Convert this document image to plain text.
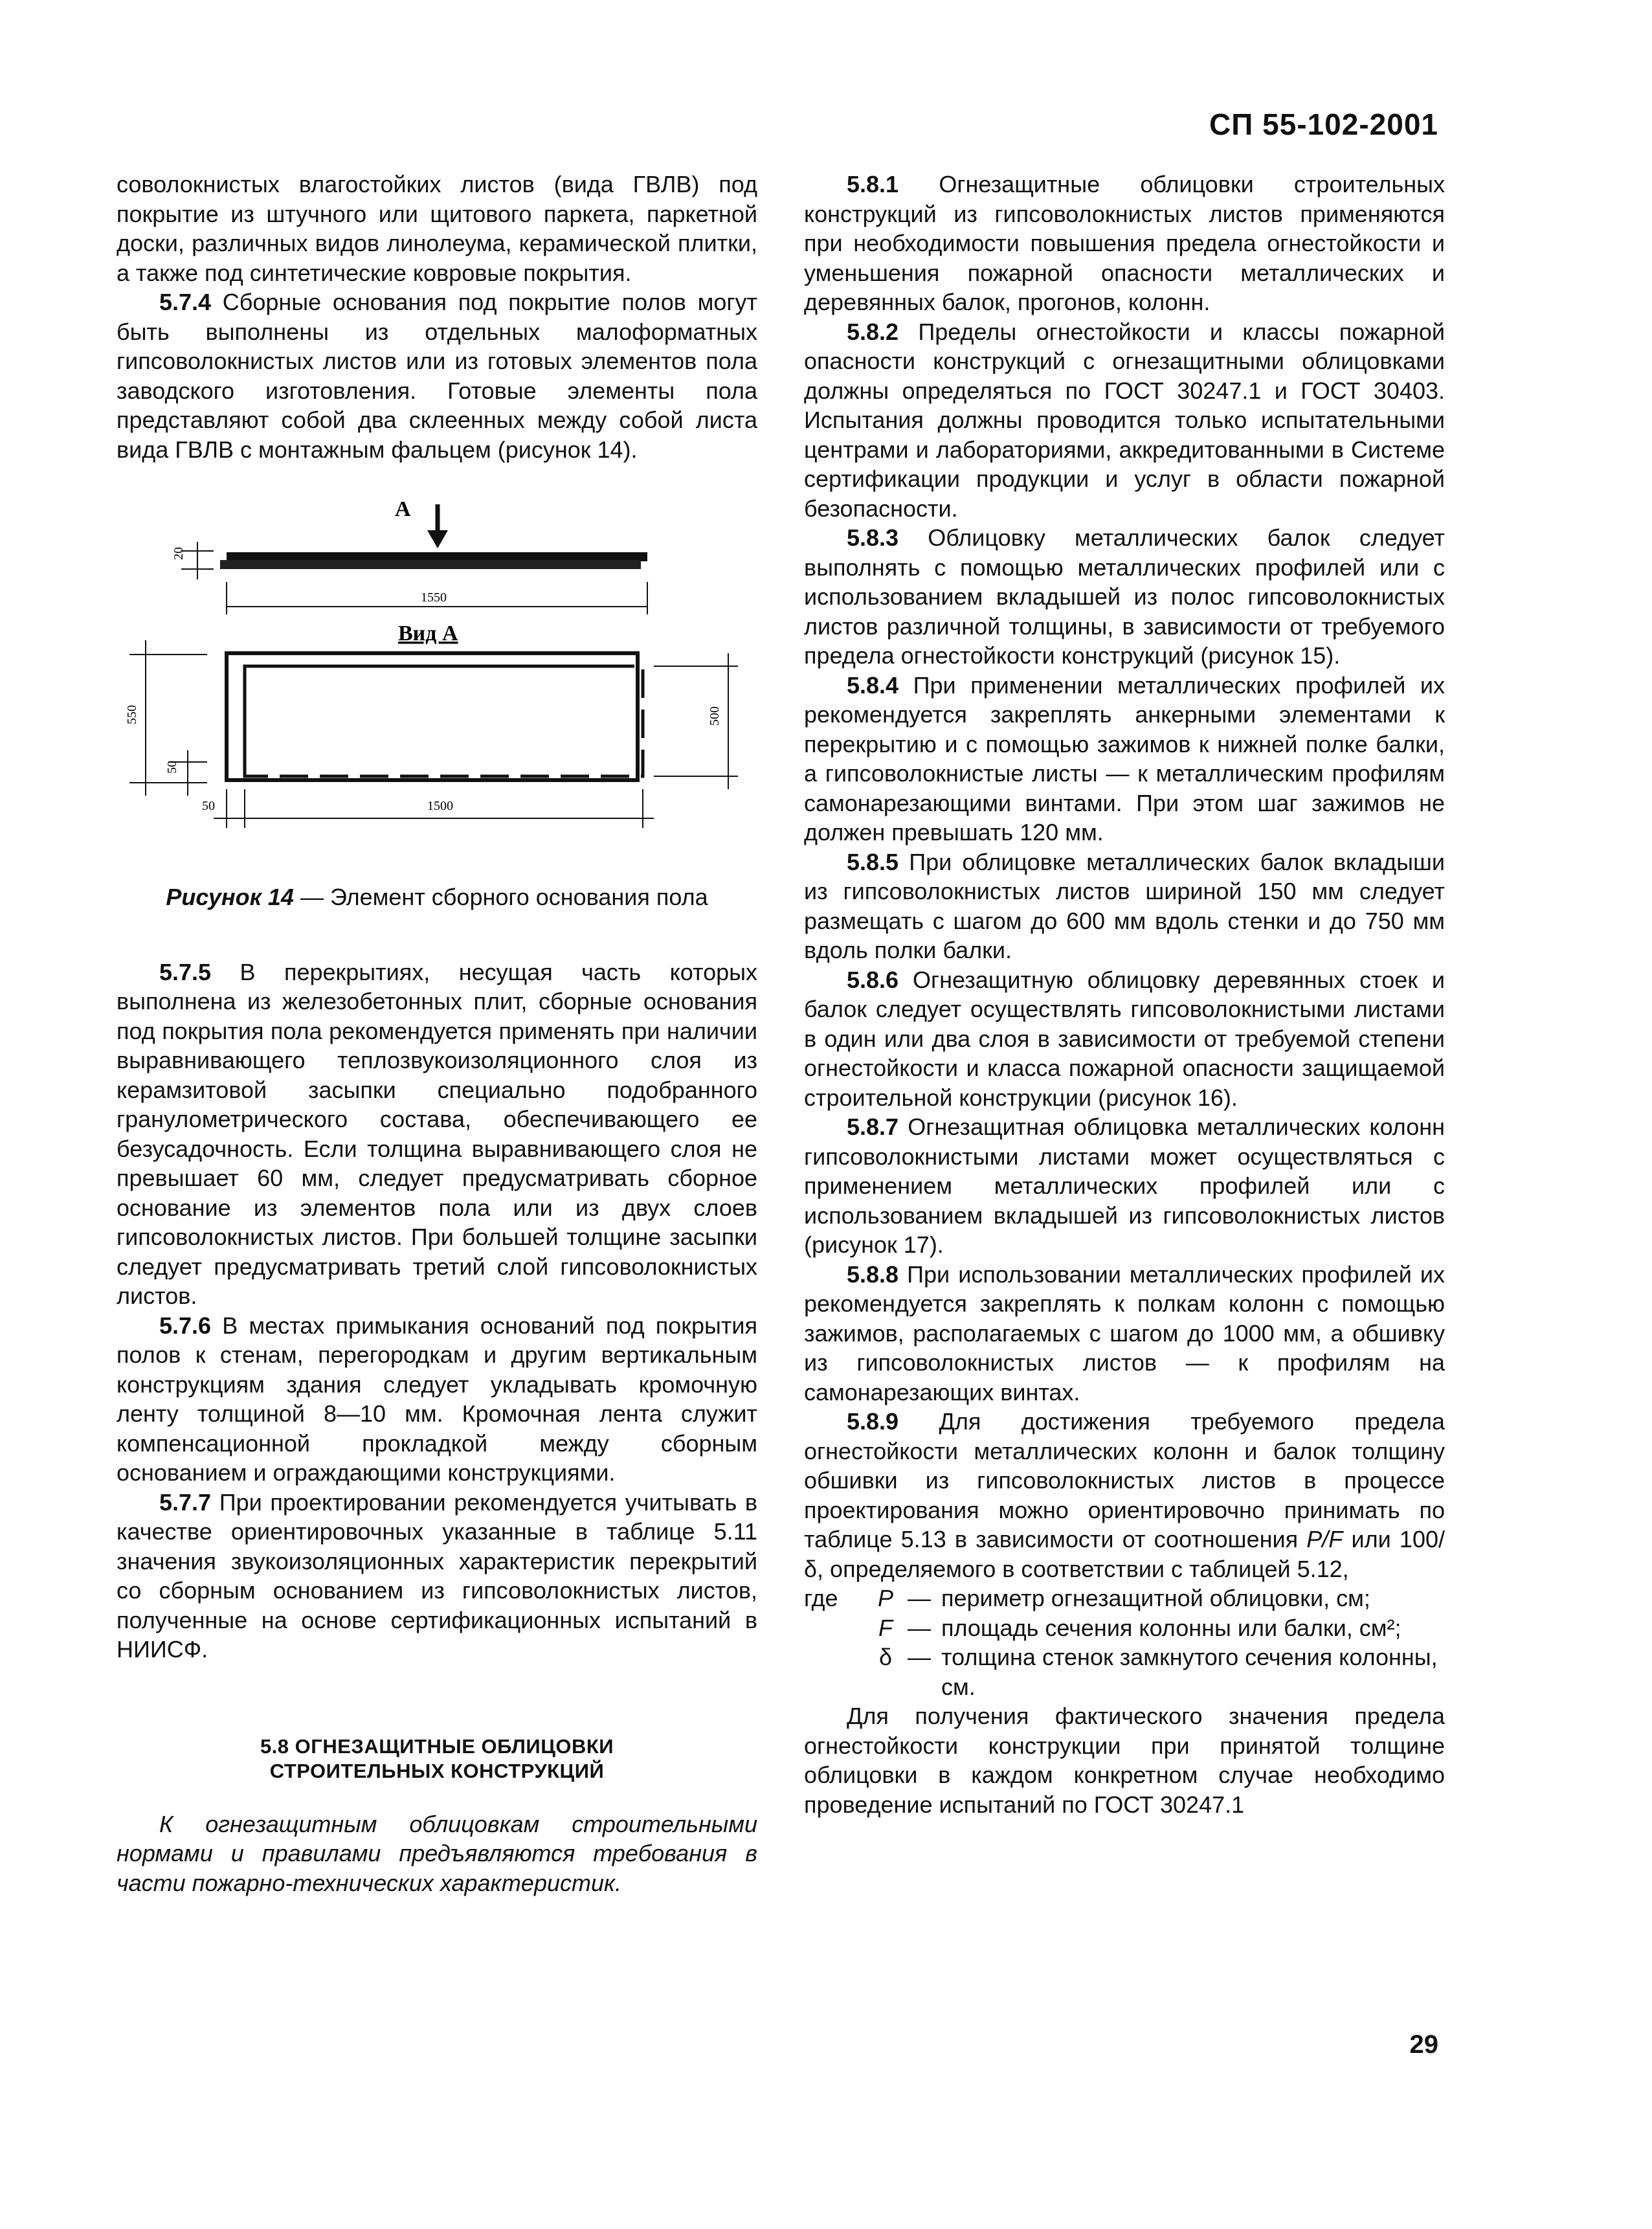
СП 55-102-2001

соволокнистых влагостойких листов (вида ГВЛВ) под покрытие из штучного или щитового паркета, паркетной доски, различных видов линолеума, керамической плитки, а также под синтетические ковровые покрытия.

5.7.4 Сборные основания под покрытие полов могут быть выполнены из отдельных малоформатных гипсоволокнистых листов или из готовых элементов пола заводского изготовления. Готовые элементы пола представляют собой два склеенных между собой листа вида ГВЛВ с монтажным фальцем (рисунок 14).

А
20
1550
Вид А
550
50
500
50	1500

Рисунок 14 — Элемент сборного основания пола

5.7.5 В перекрытиях, несущая часть которых выполнена из железобетонных плит, сборные основания под покрытия пола рекомендуется применять при наличии выравнивающего теплозвукоизоляционного слоя из керамзитовой засыпки специально подобранного гранулометрического состава, обеспечивающего ее безусадочность. Если толщина выравнивающего слоя не превышает 60 мм, следует предусматривать сборное основание из элементов пола или из двух слоев гипсоволокнистых листов. При большей толщине засыпки следует предусматривать третий слой гипсоволокнистых листов.

5.7.6 В местах примыкания оснований под покрытия полов к стенам, перегородкам и другим вертикальным конструкциям здания следует укладывать кромочную ленту толщиной 8—10 мм. Кромочная лента служит компенсационной прокладкой между сборным основанием и ограждающими конструкциями.

5.7.7 При проектировании рекомендуется учитывать в качестве ориентировочных указанные в таблице 5.11 значения звукоизоляционных характеристик перекрытий со сборным основанием из гипсоволокнистых листов, полученные на основе сертификационных испытаний в НИИСФ.

5.8 ОГНЕЗАЩИТНЫЕ ОБЛИЦОВКИ
СТРОИТЕЛЬНЫХ КОНСТРУКЦИЙ

К огнезащитным облицовкам строительными нормами и правилами предъявляются требования в части пожарно-технических характеристик.

5.8.1 Огнезащитные облицовки строительных конструкций из гипсоволокнистых листов применяются при необходимости повышения предела огнестойкости и уменьшения пожарной опасности металлических и деревянных балок, прогонов, колонн.

5.8.2 Пределы огнестойкости и классы пожарной опасности конструкций с огнезащитными облицовками должны определяться по ГОСТ 30247.1 и ГОСТ 30403. Испытания должны проводится только испытательными центрами и лабораториями, аккредитованными в Системе сертификации продукции и услуг в области пожарной безопасности.

5.8.3 Облицовку металлических балок следует выполнять с помощью металлических профилей или с использованием вкладышей из полос гипсоволокнистых листов различной толщины, в зависимости от требуемого предела огнестойкости конструкций (рисунок 15).

5.8.4 При применении металлических профилей их рекомендуется закреплять анкерными элементами к перекрытию и с помощью зажимов к нижней полке балки, а гипсоволокнистые листы — к металлическим профилям самонарезающими винтами. При этом шаг зажимов не должен превышать 120 мм.

5.8.5 При облицовке металлических балок вкладыши из гипсоволокнистых листов шириной 150 мм следует размещать с шагом до 600 мм вдоль стенки и до 750 мм вдоль полки балки.

5.8.6 Огнезащитную облицовку деревянных стоек и балок следует осуществлять гипсоволокнистыми листами в один или два слоя в зависимости от требуемой степени огнестойкости и класса пожарной опасности защищаемой строительной конструкции (рисунок 16).

5.8.7 Огнезащитная облицовка металлических колонн гипсоволокнистыми листами может осуществляться с применением металлических профилей или с использованием вкладышей из гипсоволокнистых листов (рисунок 17).

5.8.8 При использовании металлических профилей их рекомендуется закреплять к полкам колонн с помощью зажимов, располагаемых с шагом до 1000 мм, а обшивку из гипсоволокнистых листов — к профилям на самонарезающих винтах.

5.8.9 Для достижения требуемого предела огнестойкости металлических колонн и балок толщину обшивки из гипсоволокнистых листов в процессе проектирования можно ориентировочно принимать по таблице 5.13 в зависимости от соотношения P/F или 100/δ, определяемого в соответствии с таблицей 5.12,

где	P — периметр огнезащитной облицовки, см;
F — площадь сечения колонны или балки, см²;
δ — толщина стенок замкнутого сечения колонны, см.

Для получения фактического значения предела огнестойкости конструкции при принятой толщине облицовки в каждом конкретном случае необходимо проведение испытаний по ГОСТ 30247.1

29
